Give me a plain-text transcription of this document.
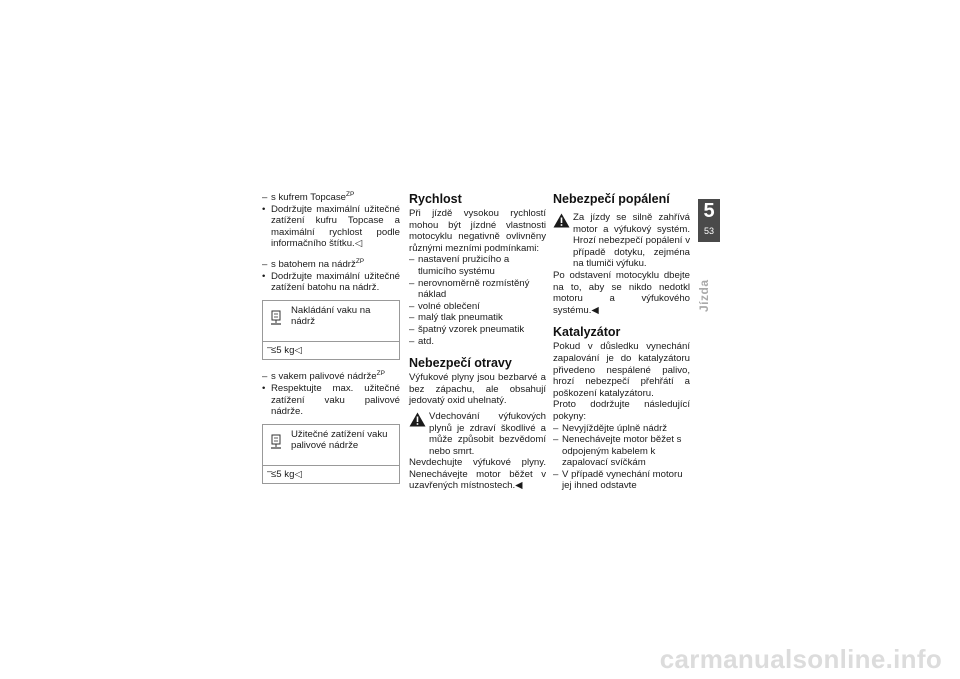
– s kufrem Topcase$^{ZP}$

• Dodržujte maximální užitečné zatížení kufru Topcase a maximální rychlost podle informačního štítku.◁

– s batohem na nádrž$^{ZP}$

• Dodržujte maximální užitečné zatížení batohu na nádrž.

Nakládání vaku na nádrž
– ≤5 kg◁

– s vakem palivové nádrže$^{ZP}$

• Respektujte max. užitečné zatížení vaku palivové nádrže.

Užitečné zatížení vaku palivové nádrže
– ≤5 kg◁
Rychlost

Při jízdě vysokou rychlostí mohou být jízdné vlastnosti motocyklu negativně ovlivněny různými mezními podmínkami:

– nastavení pružicího a tlumicího systému

– nerovnoměrně rozmístěný náklad

– volné oblečení

– malý tlak pneumatik

– špatný vzorek pneumatik

– atd.

Nebezpečí otravy

Výfukové plyny jsou bezbarvé a bez zápachu, ale obsahují jedovatý oxid uhelnatý.

Vdechování výfukových plynů je zdraví škodlivé a může způsobit bezvědomí nebo smrt.

Nevdechujte výfukové plyny. Nenechávejte motor běžet v uzavřených místnostech.◀

Nebezpečí popálení

Za jízdy se silně zahřívá motor a výfukový systém. Hrozí nebezpečí popálení v případě dotyku, zejména na tlumiči výfuku.

Po odstavení motocyklu dbejte na to, aby se nikdo nedotkl motoru a výfukového systému.◀

Katalyzátor

Pokud v důsledku vynechání zapalování je do katalyzátoru přivedeno nespálené palivo, hrozí nebezpečí přehřátí a poškození katalyzátoru.

Proto dodržujte následující pokyny:

– Nevyjíždějte úplně nádrž

– Nenechávejte motor běžet s odpojeným kabelem k zapalovací svíčkám

– V případě vynechání motoru jej ihned odstavte

5
53
Jízda
carmanualsonline.info
